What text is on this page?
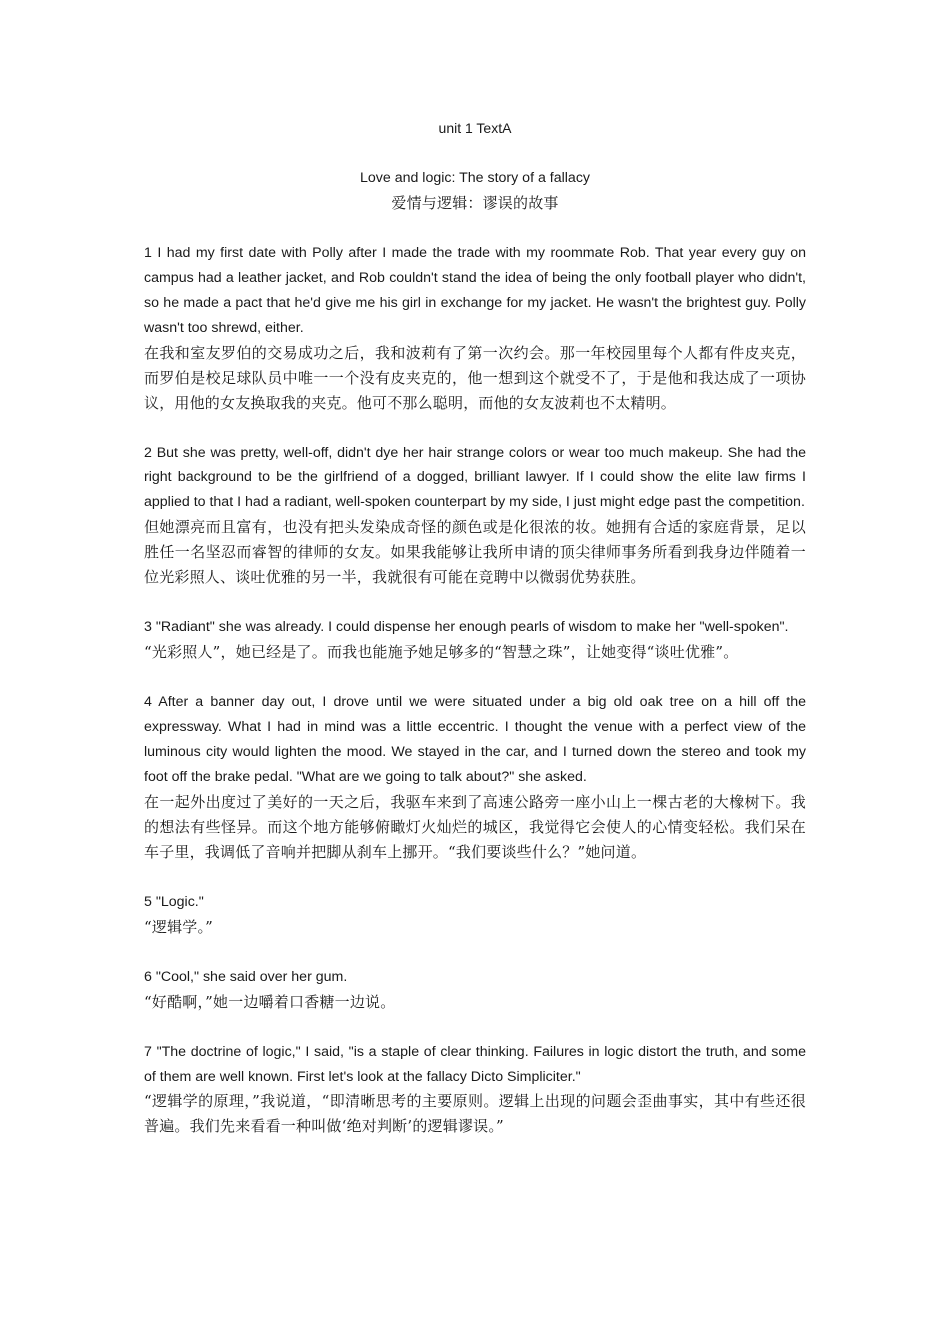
unit 1 TextA

Love and logic: The story of a fallacy

爱情与逻辑：谬误的故事

1 I had my first date with Polly after I made the trade with my roommate Rob. That year every guy on campus had a leather jacket, and Rob couldn't stand the idea of being the only football player who didn't, so he made a pact that he'd give me his girl in exchange for my jacket. He wasn't the brightest guy. Polly wasn't too shrewd, either.

在我和室友罗伯的交易成功之后，我和波莉有了第一次约会。那一年校园里每个人都有件皮夹克，而罗伯是校足球队员中唯一一个没有皮夹克的，他一想到这个就受不了，于是他和我达成了一项协议，用他的女友换取我的夹克。他可不那么聪明，而他的女友波莉也不太精明。

2 But she was pretty, well-off, didn't dye her hair strange colors or wear too much makeup. She had the right background to be the girlfriend of a dogged, brilliant lawyer. If I could show the elite law firms I applied to that I had a radiant, well-spoken counterpart by my side, I just might edge past the competition.

但她漂亮而且富有，也没有把头发染成奇怪的颜色或是化很浓的妆。她拥有合适的家庭背景，足以胜任一名坚忍而睿智的律师的女友。如果我能够让我所申请的顶尖律师事务所看到我身边伴随着一位光彩照人、谈吐优雅的另一半，我就很有可能在竞聘中以微弱优势获胜。

3 "Radiant" she was already. I could dispense her enough pearls of wisdom to make her "well-spoken".

“光彩照人”，她已经是了。而我也能施予她足够多的“智慧之珠”，让她变得“谈吐优雅”。

4 After a banner day out, I drove until we were situated under a big old oak tree on a hill off the expressway. What I had in mind was a little eccentric. I thought the venue with a perfect view of the luminous city would lighten the mood. We stayed in the car, and I turned down the stereo and took my foot off the brake pedal. "What are we going to talk about?" she asked.

在一起外出度过了美好的一天之后，我驱车来到了高速公路旁一座小山上一棵古老的大橡树下。我的想法有些怪异。而这个地方能够俯瞰灯火灿烂的城区，我觉得它会使人的心情变轻松。我们呆在车子里，我调低了音响并把脚从刹车上挪开。“我们要谈些什么？”她问道。

5 "Logic."

“逻辑学。”

6 "Cool," she said over her gum.

“好酷啊，”她一边嚼着口香糖一边说。

7 "The doctrine of logic," I said, "is a staple of clear thinking. Failures in logic distort the truth, and some of them are well known. First let's look at the fallacy Dicto Simpliciter."

“逻辑学的原理，”我说道，“即清晰思考的主要原则。逻辑上出现的问题会歪曲事实，其中有些还很普遍。我们先来看看一种叫做‘绝对判断’的逻辑谬误。”
